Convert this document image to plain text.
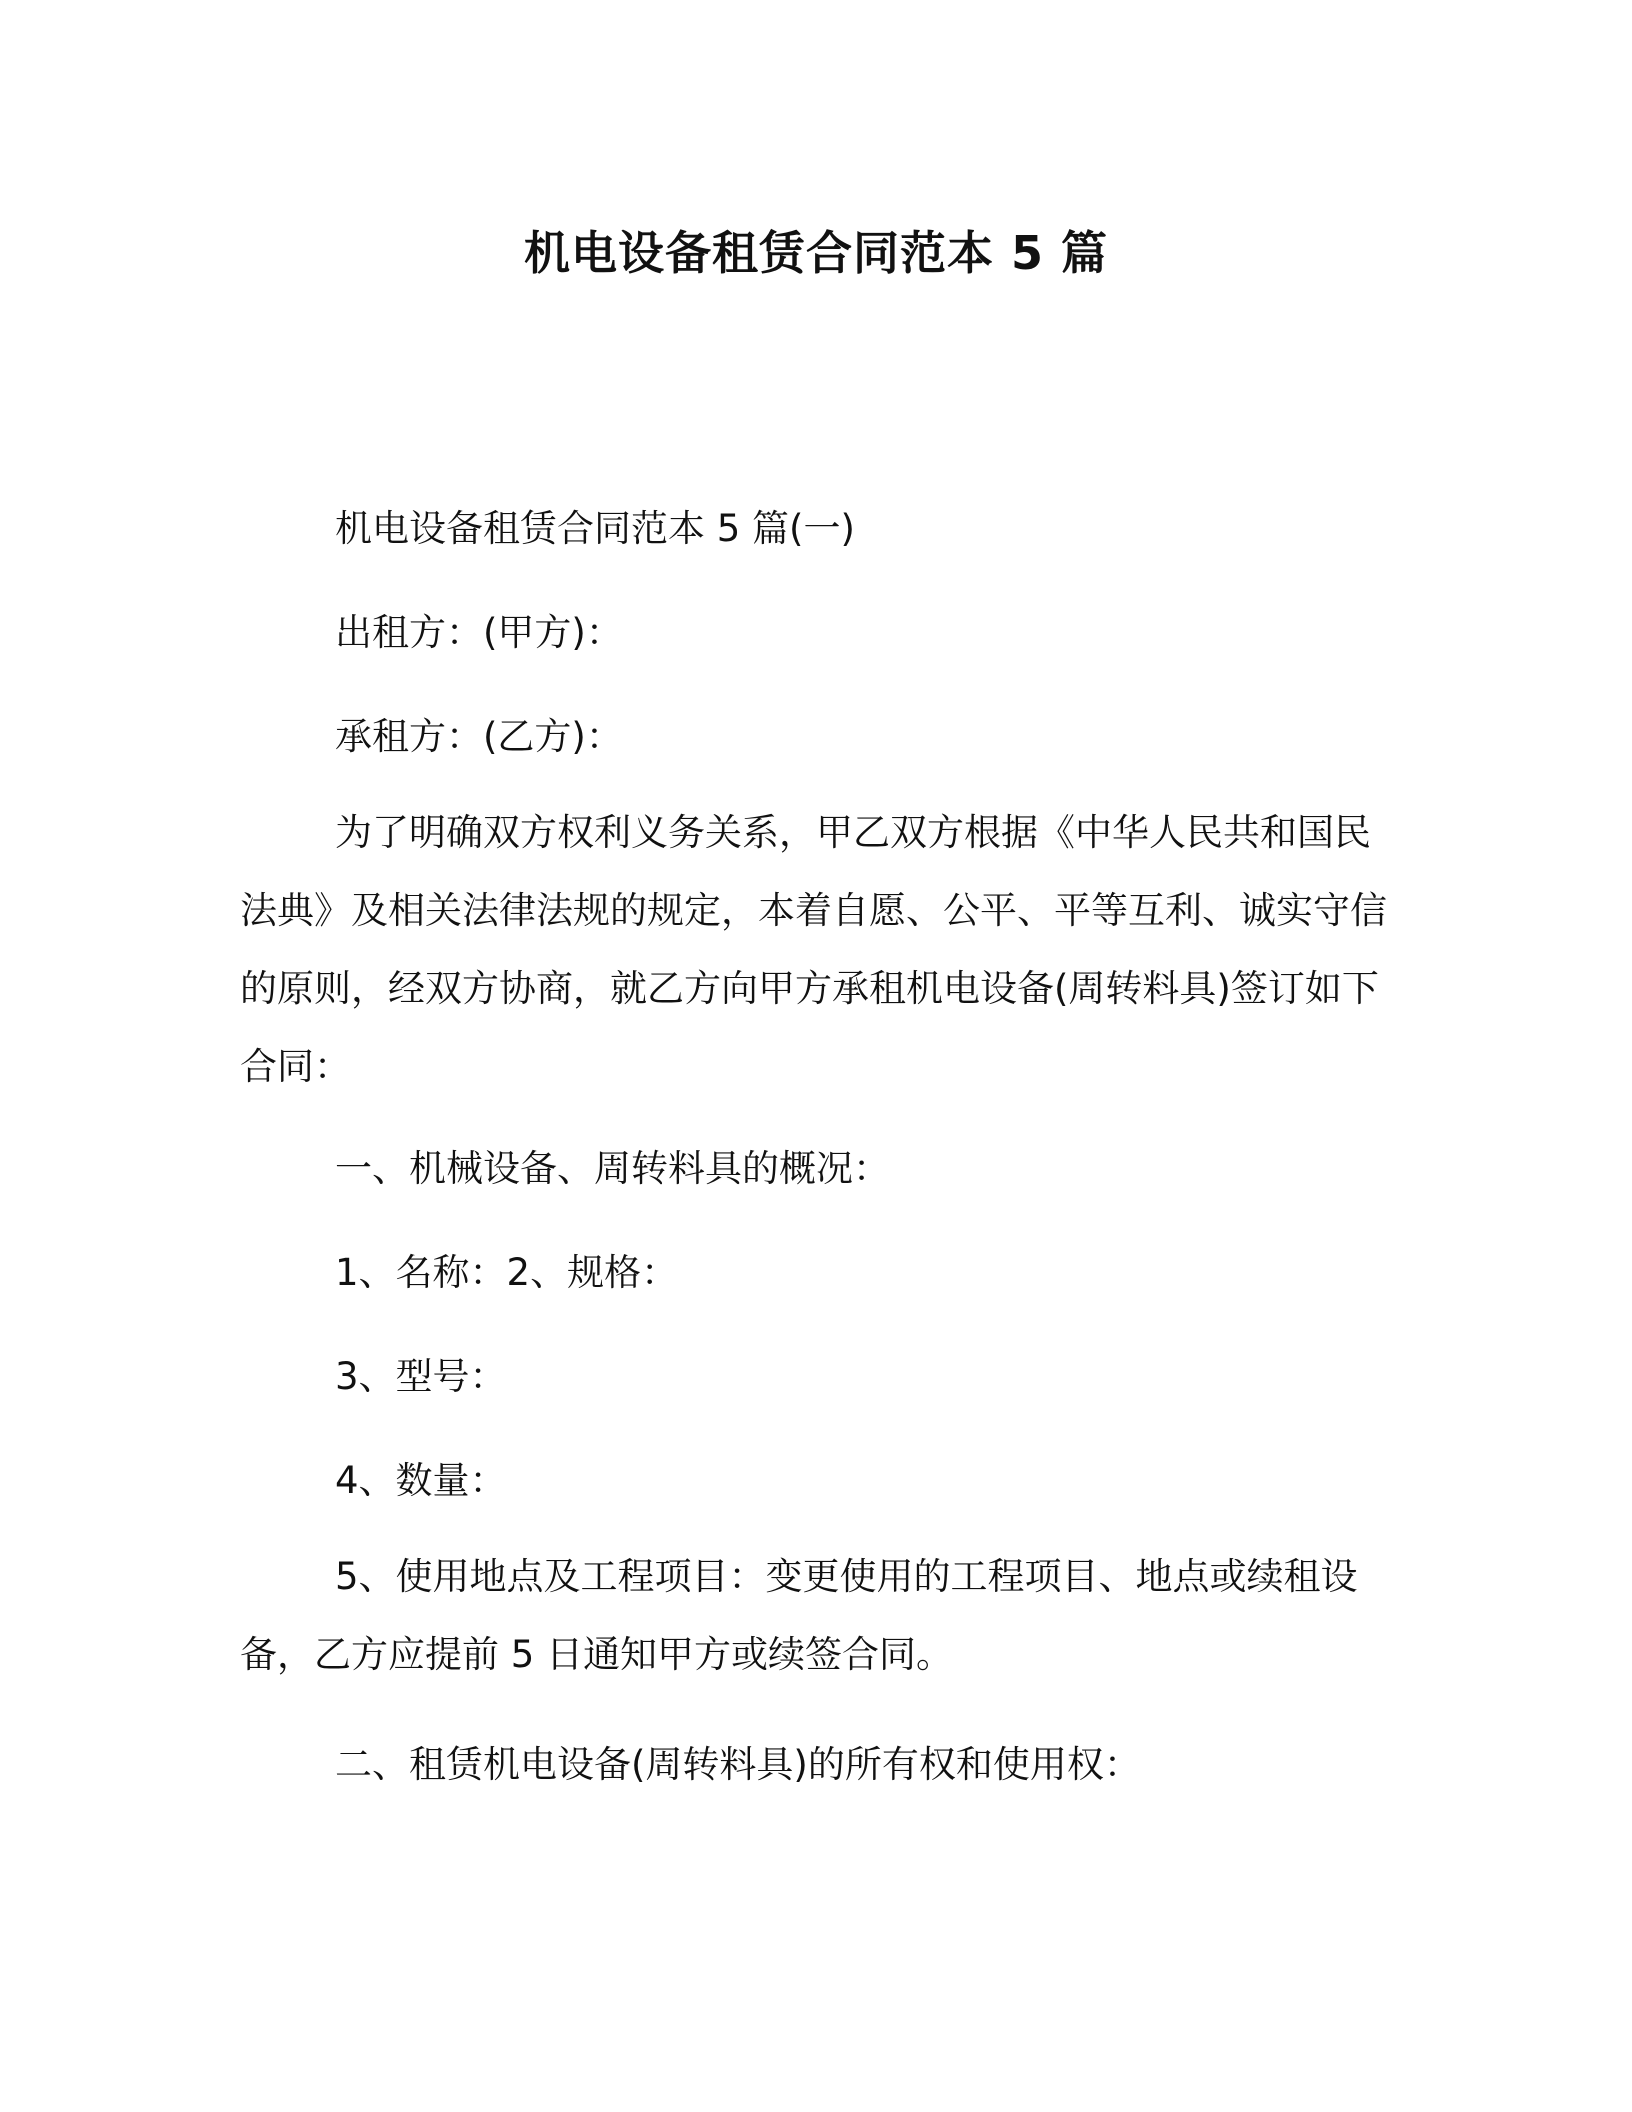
机电设备租赁合同范本 5 篇

机电设备租赁合同范本 5 篇(一)

出租方：(甲方)：

承租方：(乙方)：

为了明确双方权利义务关系，甲乙双方根据《中华人民共和国民法典》及相关法律法规的规定，本着自愿、公平、平等互利、诚实守信的原则，经双方协商，就乙方向甲方承租机电设备(周转料具)签订如下合同：

一、机械设备、周转料具的概况：

1、名称：2、规格：

3、型号：

4、数量：

5、使用地点及工程项目：变更使用的工程项目、地点或续租设备，乙方应提前 5 日通知甲方或续签合同。

二、租赁机电设备(周转料具)的所有权和使用权：
